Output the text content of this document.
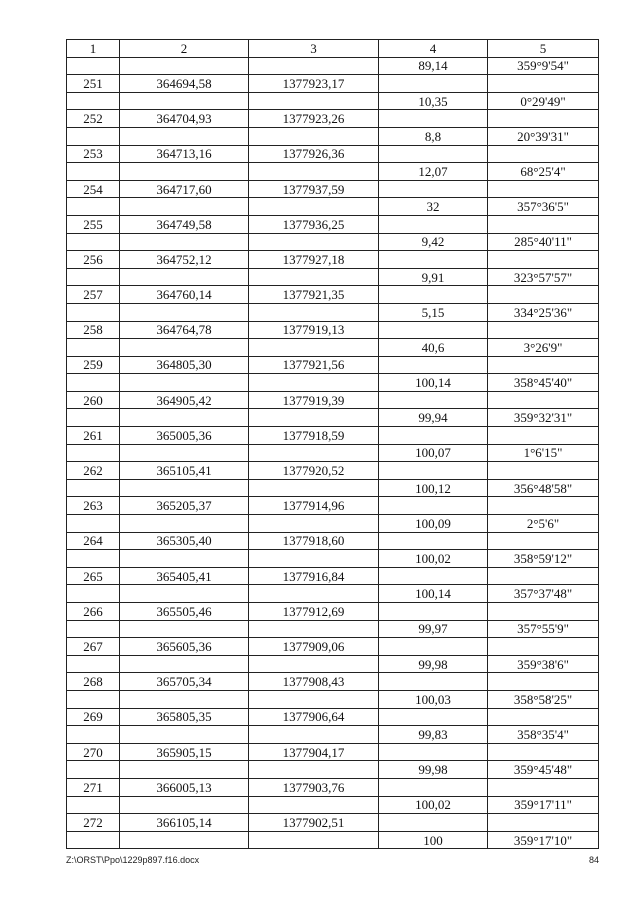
1	2	3	4	5
			89,14	359°9'54"
251	364694,58	1377923,17		
			10,35	0°29'49"
252	364704,93	1377923,26		
			8,8	20°39'31"
253	364713,16	1377926,36		
			12,07	68°25'4"
254	364717,60	1377937,59		
			32	357°36'5"
255	364749,58	1377936,25		
			9,42	285°40'11"
256	364752,12	1377927,18		
			9,91	323°57'57"
257	364760,14	1377921,35		
			5,15	334°25'36"
258	364764,78	1377919,13		
			40,6	3°26'9"
259	364805,30	1377921,56		
			100,14	358°45'40"
260	364905,42	1377919,39		
			99,94	359°32'31"
261	365005,36	1377918,59		
			100,07	1°6'15"
262	365105,41	1377920,52		
			100,12	356°48'58"
263	365205,37	1377914,96		
			100,09	2°5'6"
264	365305,40	1377918,60		
			100,02	358°59'12"
265	365405,41	1377916,84		
			100,14	357°37'48"
266	365505,46	1377912,69		
			99,97	357°55'9"
267	365605,36	1377909,06		
			99,98	359°38'6"
268	365705,34	1377908,43		
			100,03	358°58'25"
269	365805,35	1377906,64		
			99,83	358°35'4"
270	365905,15	1377904,17		
			99,98	359°45'48"
271	366005,13	1377903,76		
			100,02	359°17'11"
272	366105,14	1377902,51		
			100	359°17'10"
Z:\ORST\Ppo\1229p897.f16.docx	84
